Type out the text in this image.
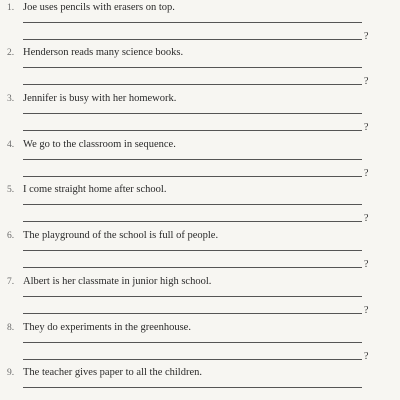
1. Joe uses pencils with erasers on top.
?
2. Henderson reads many science books.
?
3. Jennifer is busy with her homework.
?
4. We go to the classroom in sequence.
?
5. I come straight home after school.
?
6. The playground of the school is full of people.
?
7. Albert is her classmate in junior high school.
?
8. They do experiments in the greenhouse.
?
9. The teacher gives paper to all the children.
